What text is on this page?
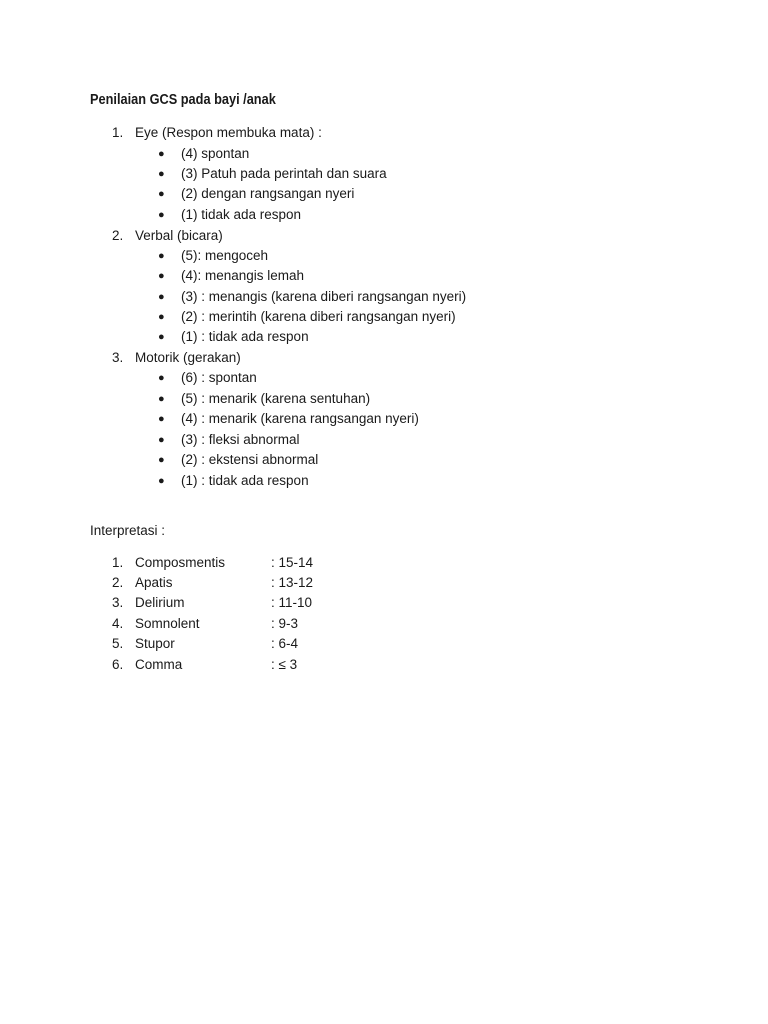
Penilaian GCS pada bayi /anak
1. Eye (Respon membuka mata) :
● (4) spontan
● (3) Patuh pada perintah dan suara
● (2) dengan rangsangan nyeri
● (1) tidak ada respon
2. Verbal (bicara)
● (5): mengoceh
● (4): menangis lemah
● (3) : menangis (karena diberi rangsangan nyeri)
● (2) : merintih (karena diberi rangsangan nyeri)
● (1) : tidak ada respon
3. Motorik (gerakan)
● (6) : spontan
● (5) : menarik (karena sentuhan)
● (4) : menarik (karena rangsangan nyeri)
● (3) : fleksi abnormal
● (2) : ekstensi abnormal
● (1) : tidak ada respon
Interpretasi :
1. Composmentis	: 15-14
2. Apatis	: 13-12
3. Delirium	: 11-10
4. Somnolent	: 9-3
5. Stupor	: 6-4
6. Comma	: ≤ 3
